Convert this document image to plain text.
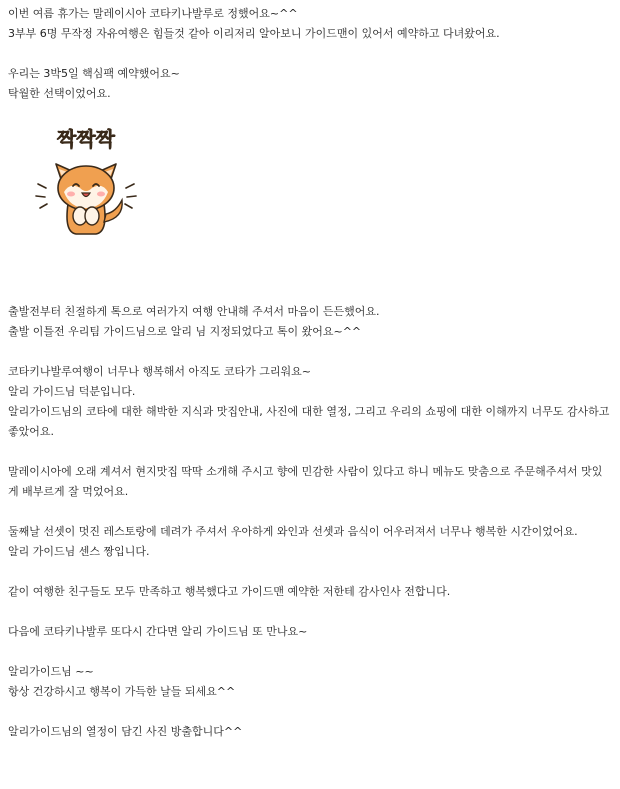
이번 여름 휴가는 말레이시아 코타키나발루로 정했어요~^^
3부부 6명 무작정 자유여행은 힘들것 같아 이리저리 알아보니 가이드맨이 있어서 예약하고 다녀왔어요.
우리는 3박5일 핵심팩 예약했어요~
탁월한 선택이었어요.
짝짝짝
출발전부터 친절하게 톡으로 여러가지 여행 안내해 주셔서 마음이 든든했어요.
출발 이틀전 우리팀 가이드님으로 알리 님 지정되었다고 톡이 왔어요~^^
코타키나발루여행이 너무나 행복해서 아직도 코타가 그리워요~
알리 가이드님 덕분입니다.
알리가이드님의 코타에 대한 해박한 지식과 맛집안내, 사진에 대한 열정, 그리고 우리의 쇼핑에 대한 이해까지 너무도 감사하고 좋았어요.
말레이시아에 오래 계셔서 현지맛집 딱딱 소개해 주시고 향에 민감한 사람이 있다고 하니 메뉴도 맞춤으로 주문해주셔서 맛있게 배부르게 잘 먹었어요.
둘째날 선셋이 멋진 레스토랑에 데려가 주셔서 우아하게 와인과 선셋과 음식이 어우러져서 너무나 행복한 시간이었어요.
알리 가이드님 센스 짱입니다.
같이 여행한 친구들도 모두 만족하고 행복했다고 가이드맨 예약한 저한테 감사인사 전합니다.
다음에 코타키나발루 또다시 간다면 알리 가이드님 또 만나요~
알리가이드님 ~~
항상 건강하시고 행복이 가득한 날들 되세요^^
알리가이드님의 열정이 담긴 사진 방출합니다^^
